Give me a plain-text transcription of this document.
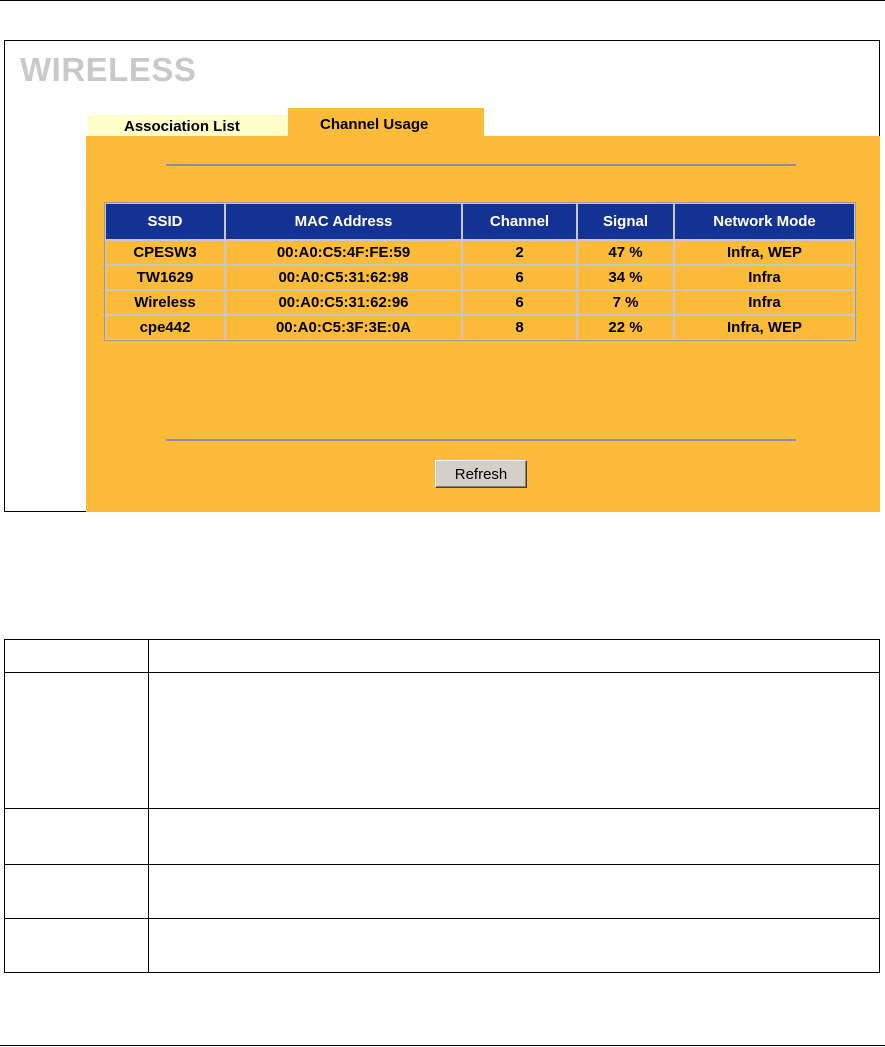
WIRELESS
Association List	Channel Usage
SSID	MAC Address	Channel	Signal	Network Mode
CPESW3	00:A0:C5:4F:FE:59	2	47 %	Infra, WEP
TW1629	00:A0:C5:31:62:98	6	34 %	Infra
Wireless	00:A0:C5:31:62:96	6	7 %	Infra
cpe442	00:A0:C5:3F:3E:0A	8	22 %	Infra, WEP
Refresh
